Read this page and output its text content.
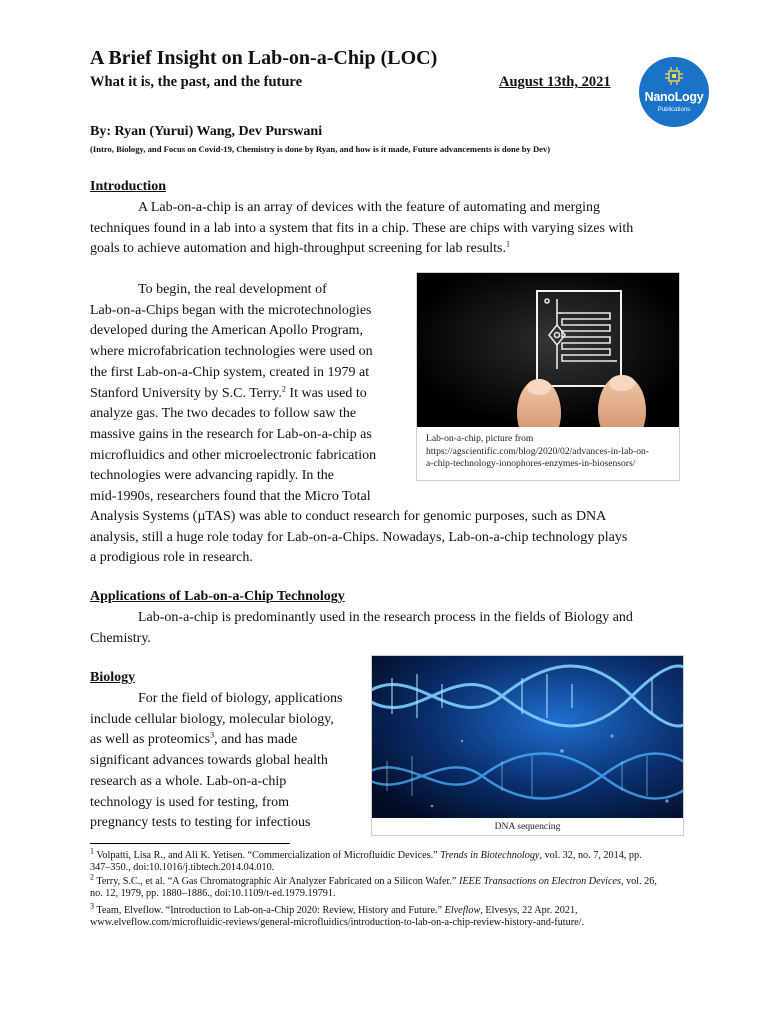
A Brief Insight on Lab-on-a-Chip (LOC)
What it is, the past, and the future	August 13th, 2021
NanoLogy
Publications
By: Ryan (Yurui) Wang, Dev Purswani
(Intro, Biology, and Focus on Covid-19, Chemistry is done by Ryan, and how is it made, Future advancements is done by Dev)
Introduction
A Lab-on-a-chip is an array of devices with the feature of automating and merging
techniques found in a lab into a system that fits in a chip. These are chips with varying sizes with
goals to achieve automation and high-throughput screening for lab results.$^1$
To begin, the real development of
Lab-on-a-Chips began with the microtechnologies
developed during the American Apollo Program,
where microfabrication technologies were used on
the first Lab-on-a-Chip system, created in 1979 at
Stanford University by S.C. Terry.$^2$ It was used to
analyze gas. The two decades to follow saw the
massive gains in the research for Lab-on-a-chip as
microfluidics and other microelectronic fabrication
technologies were advancing rapidly. In the
mid-1990s, researchers found that the Micro Total
Analysis Systems (µTAS) was able to conduct research for genomic purposes, such as DNA
analysis, still a huge role today for Lab-on-a-Chips. Nowadays, Lab-on-a-chip technology plays
a prodigious role in research.
Lab-on-a-chip, picture from
https://agscientific.com/blog/2020/02/advances-in-lab-on-
a-chip-technology-ionophores-enzymes-in-biosensors/
Applications of Lab-on-a-Chip Technology
Lab-on-a-chip is predominantly used in the research process in the fields of Biology and
Chemistry.
Biology
For the field of biology, applications
include cellular biology, molecular biology,
as well as proteomics$^3$, and has made
significant advances towards global health
research as a whole. Lab-on-a-chip
technology is used for testing, from
pregnancy tests to testing for infectious	DNA sequencing
$^1$ Volpatti, Lisa R., and Ali K. Yetisen. “Commercialization of Microfluidic Devices.” Trends in Biotechnology, vol. 32, no. 7, 2014, pp. 347–350., doi:10.1016/j.tibtech.2014.04.010.
$^2$ Terry, S.C., et al. “A Gas Chromatographic Air Analyzer Fabricated on a Silicon Wafer.” IEEE Transactions on Electron Devices, vol. 26, no. 12, 1979, pp. 1880–1886., doi:10.1109/t-ed.1979.19791.
$^3$ Team, Elveflow. “Introduction to Lab-on-a-Chip 2020: Review, History and Future.” Elveflow, Elvesys, 22 Apr. 2021, www.elveflow.com/microfluidic-reviews/general-microfluidics/introduction-to-lab-on-a-chip-review-history-and-future/.
